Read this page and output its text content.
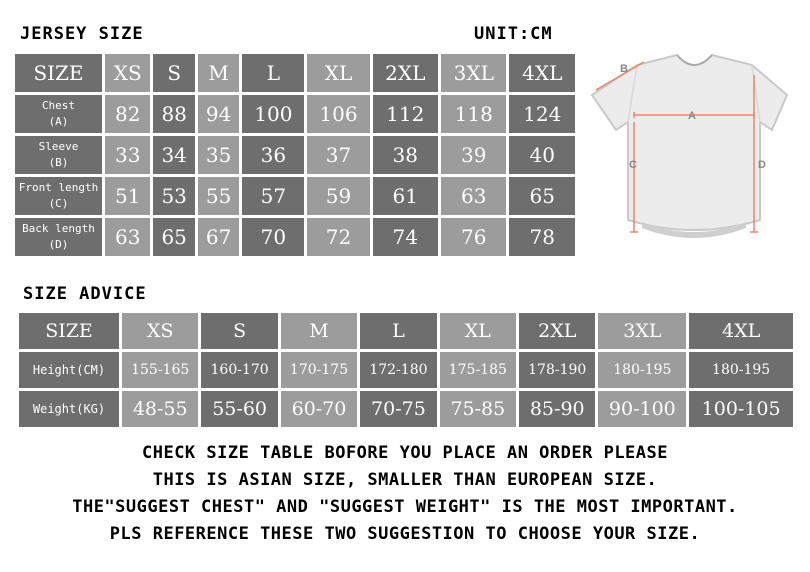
JERSEY SIZE	UNIT:CM
SIZE	XS	S	M	L	XL	2XL	3XL	4XL

Chest
(A)	82	88	94	100	106	112	118	124

Sleeve
(B)	33	34	35	36	37	38	39	40

Front length
(C)	51	53	55	57	59	61	63	65

Back length
(D)	63	65	67	70	72	74	76	78
B
A
C	D
SIZE ADVICE
SIZE	XS	S	M	L	XL	2XL	3XL	4XL
Height(CM)	155-165	160-170	170-175	172-180	175-185	178-190	180-195	180-195
Weight(KG)	48-55	55-60	60-70	70-75	75-85	85-90	90-100	100-105
CHECK SIZE TABLE BOFORE YOU PLACE AN ORDER PLEASE
THIS IS ASIAN SIZE, SMALLER THAN EUROPEAN SIZE.
THE"SUGGEST CHEST" AND "SUGGEST WEIGHT" IS THE MOST IMPORTANT.
PLS REFERENCE THESE TWO SUGGESTION TO CHOOSE YOUR SIZE.
